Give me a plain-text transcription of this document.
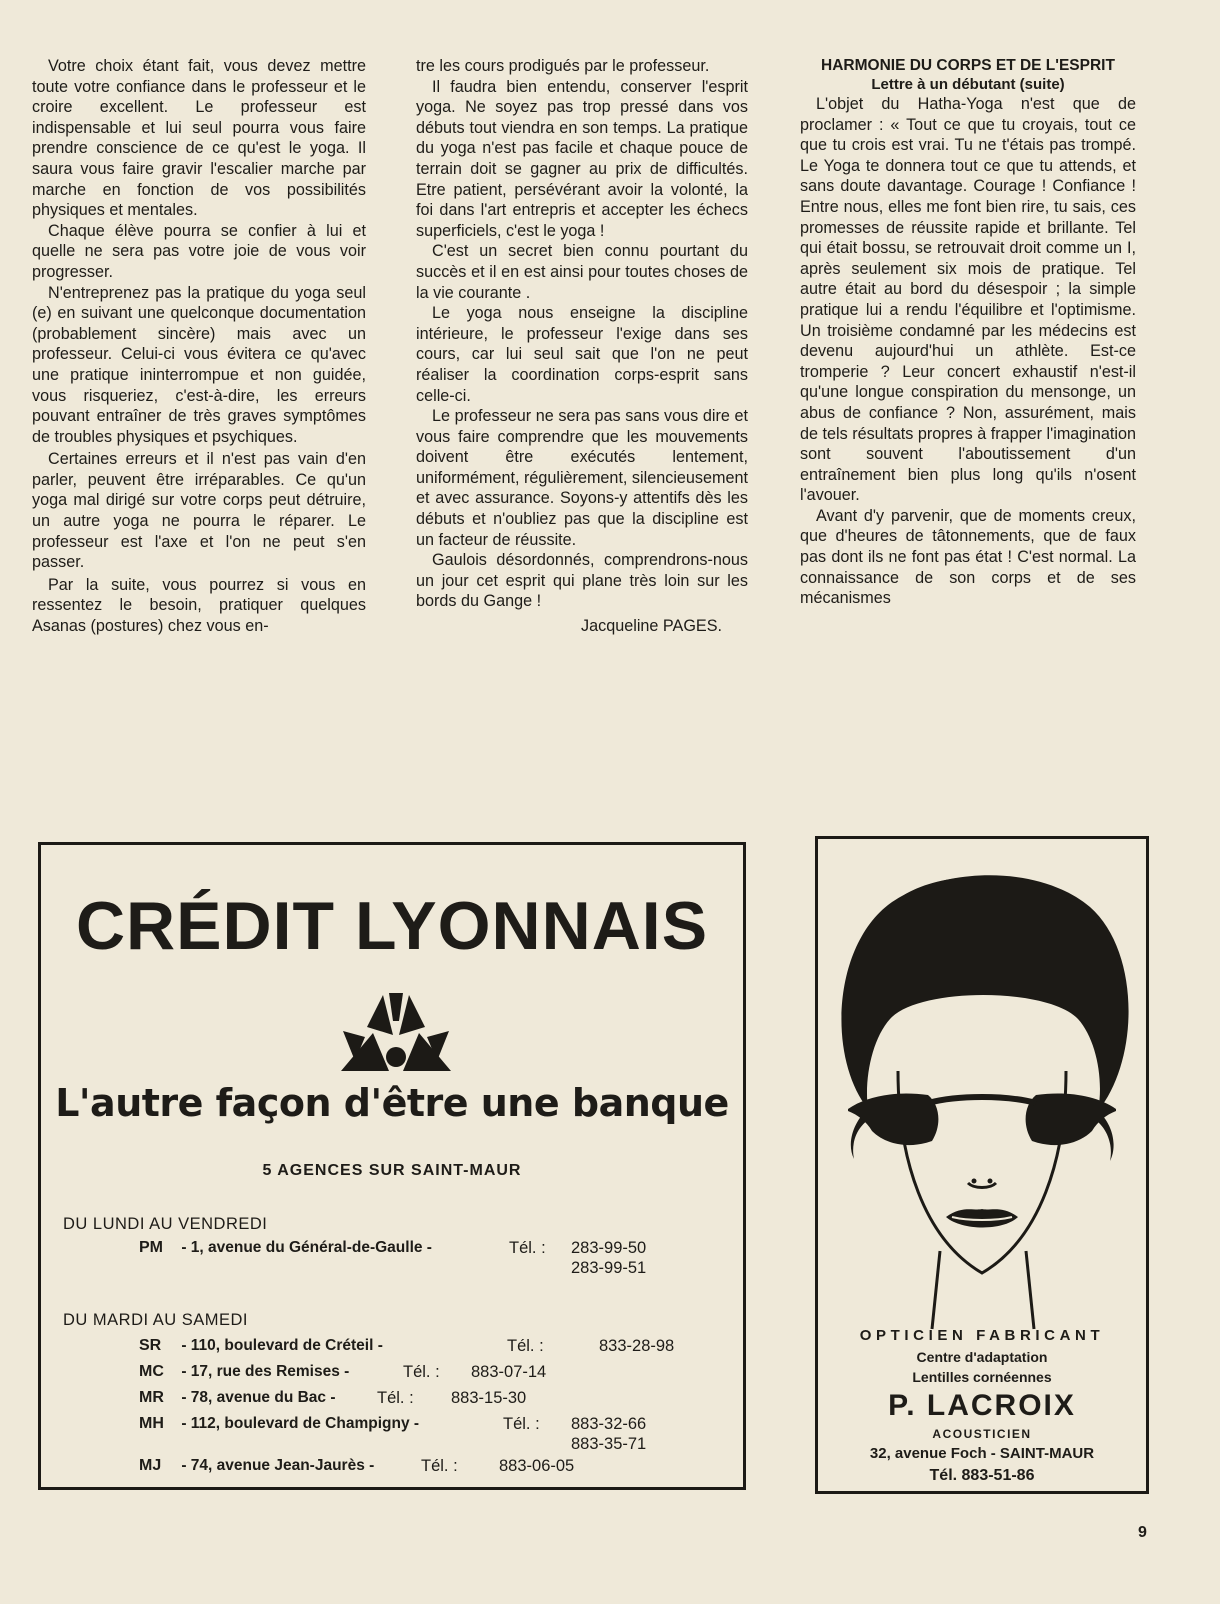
Votre choix étant fait, vous devez mettre toute votre confiance dans le professeur et le croire excellent. Le professeur est indispensable et lui seul pourra vous faire prendre conscience de ce qu'est le yoga. Il saura vous faire gravir l'escalier marche par marche en fonction de vos possibilités physiques et mentales.

Chaque élève pourra se confier à lui et quelle ne sera pas votre joie de vous voir progresser.

N'entreprenez pas la pratique du yoga seul (e) en suivant une quelconque documentation (probablement sincère) mais avec un professeur. Celui-ci vous évitera ce qu'avec une pratique ininterrompue et non guidée, vous risqueriez, c'est-à-dire, les erreurs pouvant entraîner de très graves symptômes de troubles physiques et psychiques.

Certaines erreurs et il n'est pas vain d'en parler, peuvent être irréparables. Ce qu'un yoga mal dirigé sur votre corps peut détruire, un autre yoga ne pourra le réparer. Le professeur est l'axe et l'on ne peut s'en passer.

Par la suite, vous pourrez si vous en ressentez le besoin, pratiquer quelques Asanas (postures) chez vous en-

tre les cours prodigués par le professeur.

Il faudra bien entendu, conserver l'esprit yoga. Ne soyez pas trop pressé dans vos débuts tout viendra en son temps. La pratique du yoga n'est pas facile et chaque pouce de terrain doit se gagner au prix de difficultés. Etre patient, persévérant avoir la volonté, la foi dans l'art entrepris et accepter les échecs superficiels, c'est le yoga !

C'est un secret bien connu pourtant du succès et il en est ainsi pour toutes choses de la vie courante .

Le yoga nous enseigne la discipline intérieure, le professeur l'exige dans ses cours, car lui seul sait que l'on ne peut réaliser la coordination corps-esprit sans celle-ci.

Le professeur ne sera pas sans vous dire et vous faire comprendre que les mouvements doivent être exécutés lentement, uniformément, régulièrement, silencieusement et avec assurance. Soyons-y attentifs dès les débuts et n'oubliez pas que la discipline est un facteur de réussite.

Gaulois désordonnés, comprendrons-nous un jour cet esprit qui plane très loin sur les bords du Gange !

Jacqueline PAGES.

HARMONIE DU CORPS ET DE L'ESPRIT

Lettre à un débutant (suite)

L'objet du Hatha-Yoga n'est que de proclamer : « Tout ce que tu croyais, tout ce que tu crois est vrai. Tu ne t'étais pas trompé. Le Yoga te donnera tout ce que tu attends, et sans doute davantage. Courage ! Confiance ! Entre nous, elles me font bien rire, tu sais, ces promesses de réussite rapide et brillante. Tel qui était bossu, se retrouvait droit comme un I, après seulement six mois de pratique. Tel autre était au bord du désespoir ; la simple pratique lui a rendu l'équilibre et l'optimisme. Un troisième condamné par les médecins est devenu aujourd'hui un athlète. Est-ce tromperie ? Leur concert exhaustif n'est-il qu'une longue conspiration du mensonge, un abus de confiance ? Non, assurément, mais de tels résultats propres à frapper l'imagination sont souvent l'aboutissement d'un entraînement bien plus long qu'ils n'osent l'avouer.

Avant d'y parvenir, que de moments creux, que d'heures de tâtonnements, que de faux pas dont ils ne font pas état ! C'est normal. La connaissance de son corps et de ses mécanismes

CRÉDIT LYONNAIS
L'autre façon d'être une banque
5 AGENCES SUR SAINT-MAUR
DU LUNDI AU VENDREDI
PM - 1, avenue du Général-de-Gaulle -	Tél. : 283-99-50
283-99-51
DU MARDI AU SAMEDI
SR - 110, boulevard de Créteil -	Tél. :	833-28-98
MC - 17, rue des Remises -	Tél. : 883-07-14
MR - 78, avenue du Bac -	Tél. : 883-15-30
MH - 112, boulevard de Champigny -	Tél. : 883-32-66
883-35-71
MJ - 74, avenue Jean-Jaurès -	Tél. :	883-06-05
OPTICIEN FABRICANT
Centre d'adaptation
Lentilles cornéennes
P. LACROIX
ACOUSTICIEN
32, avenue Foch - SAINT-MAUR
Tél. 883-51-86
9
